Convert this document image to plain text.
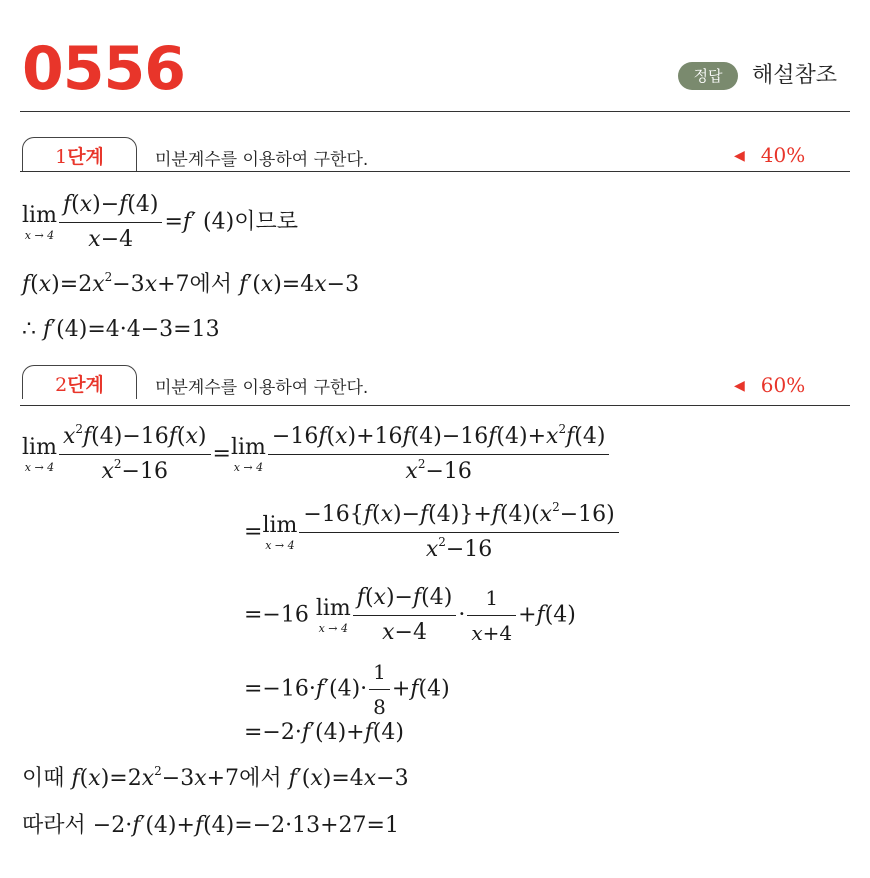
0556	정답	해설참조
1단계	미분계수를 이용하여 구한다.	◀ 40%
lim
$x \to 4 \frac{f(x)-f(4)}{x-4} =f'$ (4)이므로
$f(x)=2x^2-3x+7$에서 f′(x)=4x−3
∴ f′(4)=4·4−3=13
2단계	미분계수를 이용하여 구한다.	◀ 60%
lim
$x \to 4 \frac{x^2f(4)-16f(x)}{x^2-16} = \lim$
$x \to 4 \frac{-16f(x)+16f(4)-16f(4)+x^2f(4)}{x^2-16}$
= lim
$x \to 4 \frac{-16\{f(x)-f(4)\}+f(4)(x^2-16)}{x^2-16}$
=−16 lim
$x \to 4 \frac{f(x)-f(4)}{x-4} \cdot \frac{1}{x+4} +f(4)$
$=-16\cdot f'(4)\cdot \frac{1}{8} +f(4)$
=−2·f′(4)+f(4)
이때 $f(x)=2x^2-3x+7$에서 f′(x)=4x−3
따라서 −2·f′(4)+f(4)=−2·13+27=1
